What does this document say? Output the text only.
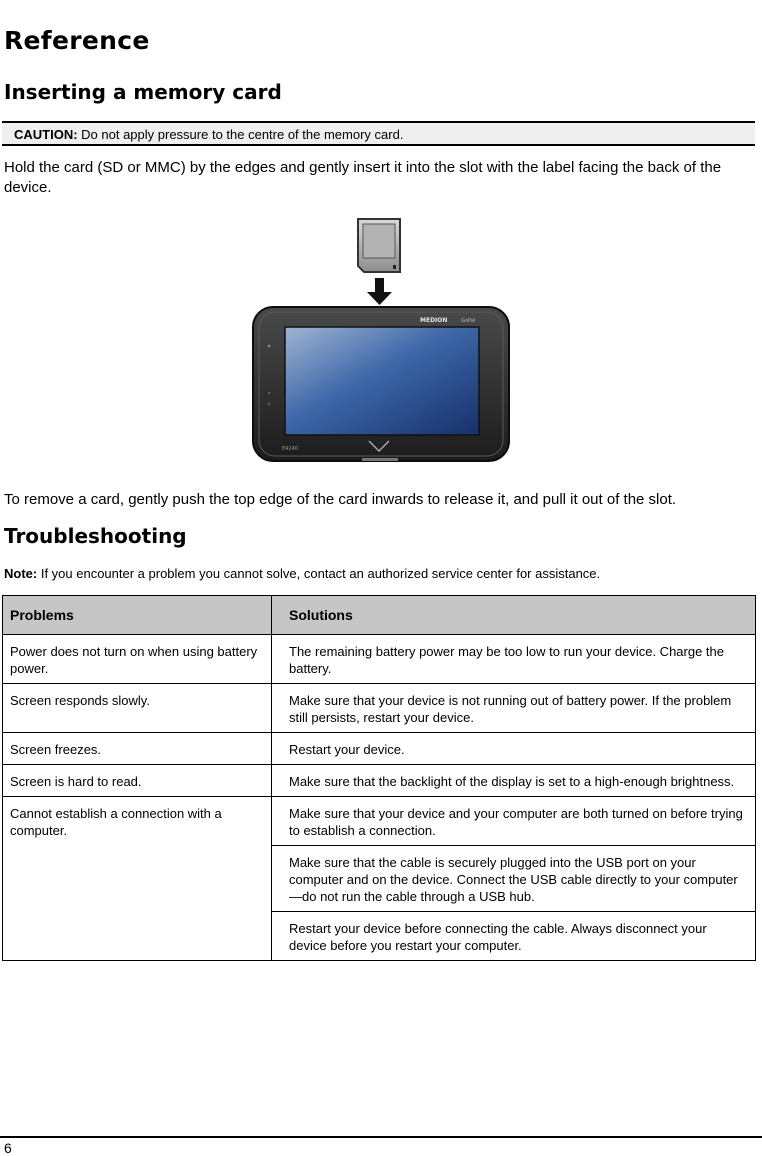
Reference
Inserting a memory card
CAUTION: Do not apply pressure to the centre of the memory card.

Hold the card (SD or MMC) by the edges and gently insert it into the slot with the label facing the back of the device.

MEDION	GoPal
E4240

To remove a card, gently push the top edge of the card inwards to release it, and pull it out of the slot.

Troubleshooting

Note: If you encounter a problem you cannot solve, contact an authorized service center for assistance.

Problems	Solutions
Power does not turn on when using battery power.	The remaining battery power may be too low to run your device. Charge the battery.
Screen responds slowly.	Make sure that your device is not running out of battery power. If the problem still persists, restart your device.
Screen freezes.	Restart your device.
Screen is hard to read.	Make sure that the backlight of the display is set to a high-enough brightness.
Cannot establish a connection with a computer.	Make sure that your device and your computer are both turned on before trying to establish a connection.
	Make sure that the cable is securely plugged into the USB port on your computer and on the device. Connect the USB cable directly to your computer—do not run the cable through a USB hub.
	Restart your device before connecting the cable. Always disconnect your device before you restart your computer.
6
